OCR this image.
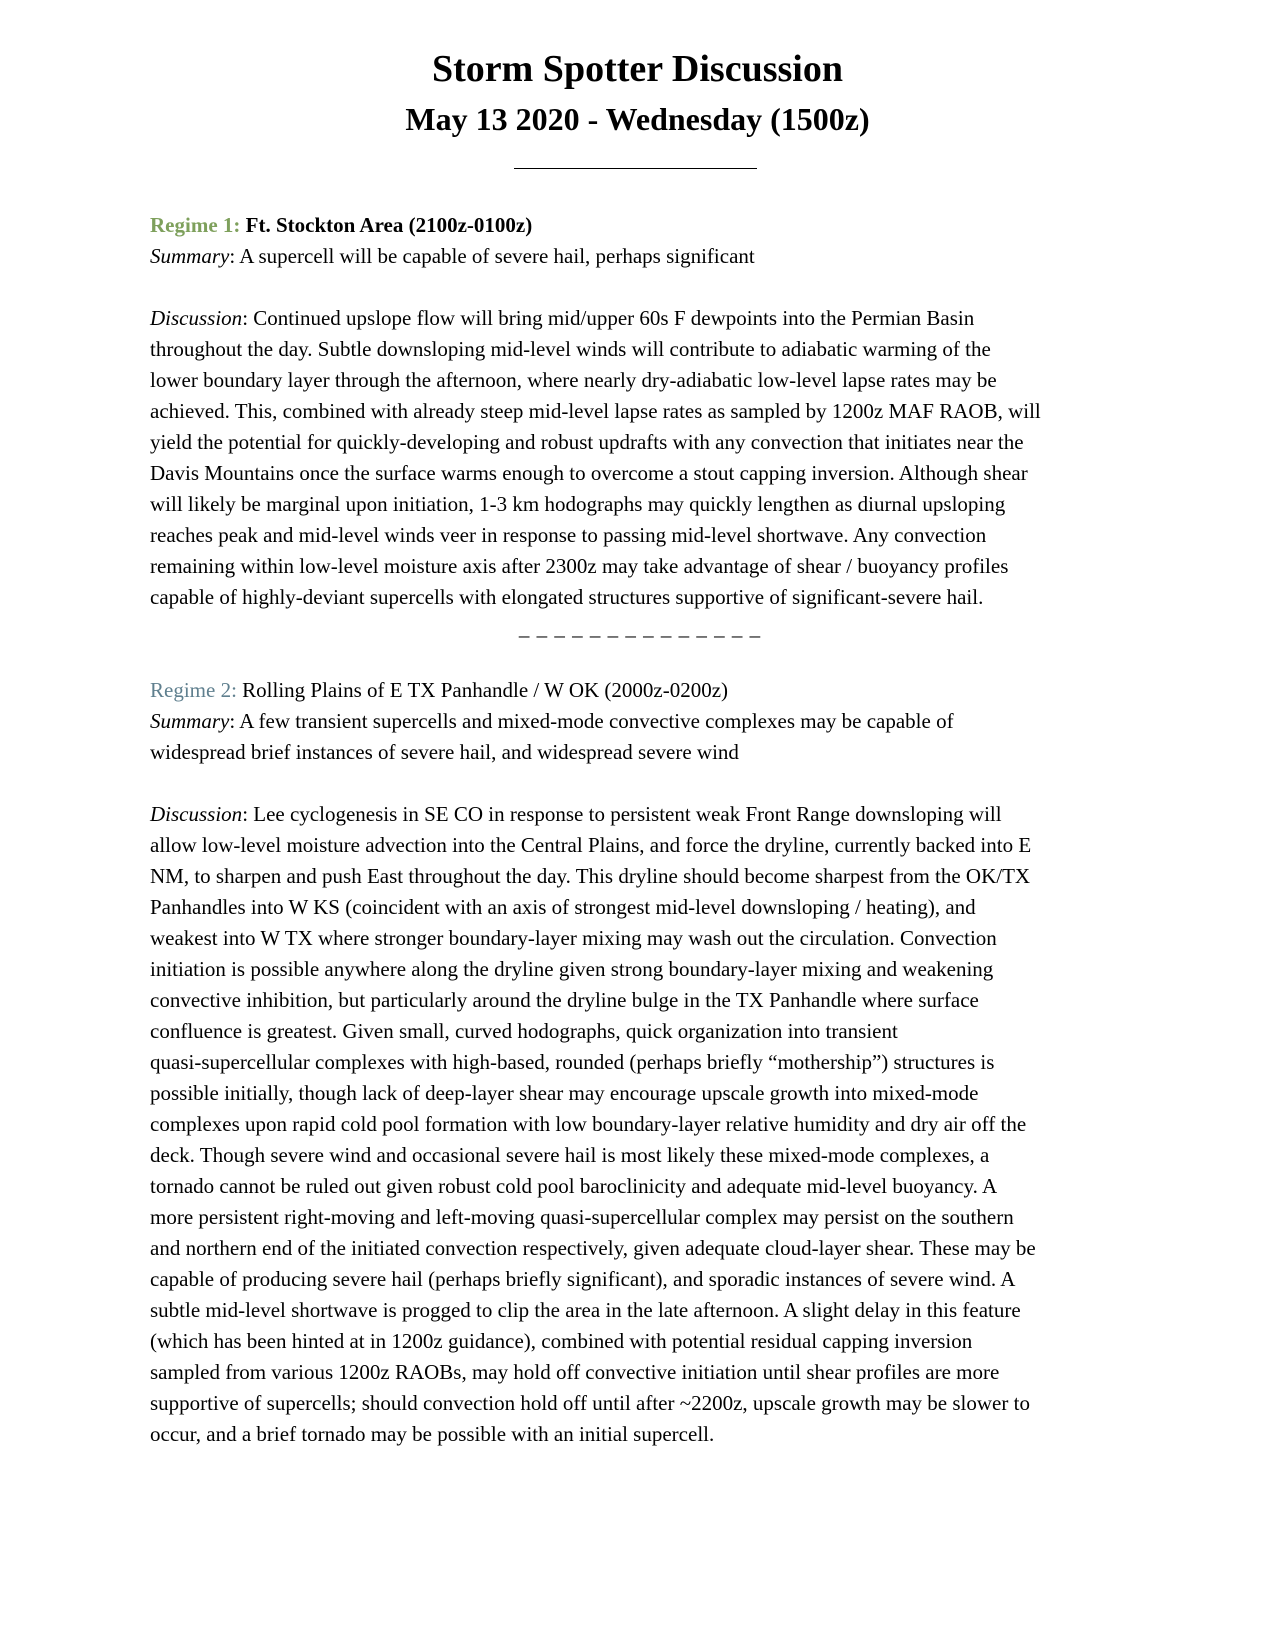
Storm Spotter Discussion
May 13 2020 - Wednesday (1500z)
Regime 1: Ft. Stockton Area (2100z-0100z)
Summary: A supercell will be capable of severe hail, perhaps significant
Discussion: Continued upslope flow will bring mid/upper 60s F dewpoints into the Permian Basin
throughout the day. Subtle downsloping mid-level winds will contribute to adiabatic warming of the
lower boundary layer through the afternoon, where nearly dry-adiabatic low-level lapse rates may be
achieved. This, combined with already steep mid-level lapse rates as sampled by 1200z MAF RAOB, will
yield the potential for quickly-developing and robust updrafts with any convection that initiates near the
Davis Mountains once the surface warms enough to overcome a stout capping inversion. Although shear
will likely be marginal upon initiation, 1-3 km hodographs may quickly lengthen as diurnal upsloping
reaches peak and mid-level winds veer in response to passing mid-level shortwave. Any convection
remaining within low-level moisture axis after 2300z may take advantage of shear / buoyancy profiles
capable of highly-deviant supercells with elongated structures supportive of significant-severe hail.
_ _ _ _ _ _ _ _ _ _ _ _ _ _
Regime 2: Rolling Plains of E TX Panhandle / W OK (2000z-0200z)
Summary: A few transient supercells and mixed-mode convective complexes may be capable of
widespread brief instances of severe hail, and widespread severe wind
Discussion: Lee cyclogenesis in SE CO in response to persistent weak Front Range downsloping will
allow low-level moisture advection into the Central Plains, and force the dryline, currently backed into E
NM, to sharpen and push East throughout the day. This dryline should become sharpest from the OK/TX
Panhandles into W KS (coincident with an axis of strongest mid-level downsloping / heating), and
weakest into W TX where stronger boundary-layer mixing may wash out the circulation. Convection
initiation is possible anywhere along the dryline given strong boundary-layer mixing and weakening
convective inhibition, but particularly around the dryline bulge in the TX Panhandle where surface
confluence is greatest. Given small, curved hodographs, quick organization into transient
quasi-supercellular complexes with high-based, rounded (perhaps briefly “mothership”) structures is
possible initially, though lack of deep-layer shear may encourage upscale growth into mixed-mode
complexes upon rapid cold pool formation with low boundary-layer relative humidity and dry air off the
deck. Though severe wind and occasional severe hail is most likely these mixed-mode complexes, a
tornado cannot be ruled out given robust cold pool baroclinicity and adequate mid-level buoyancy. A
more persistent right-moving and left-moving quasi-supercellular complex may persist on the southern
and northern end of the initiated convection respectively, given adequate cloud-layer shear. These may be
capable of producing severe hail (perhaps briefly significant), and sporadic instances of severe wind. A
subtle mid-level shortwave is progged to clip the area in the late afternoon. A slight delay in this feature
(which has been hinted at in 1200z guidance), combined with potential residual capping inversion
sampled from various 1200z RAOBs, may hold off convective initiation until shear profiles are more
supportive of supercells; should convection hold off until after ~2200z, upscale growth may be slower to
occur, and a brief tornado may be possible with an initial supercell.
